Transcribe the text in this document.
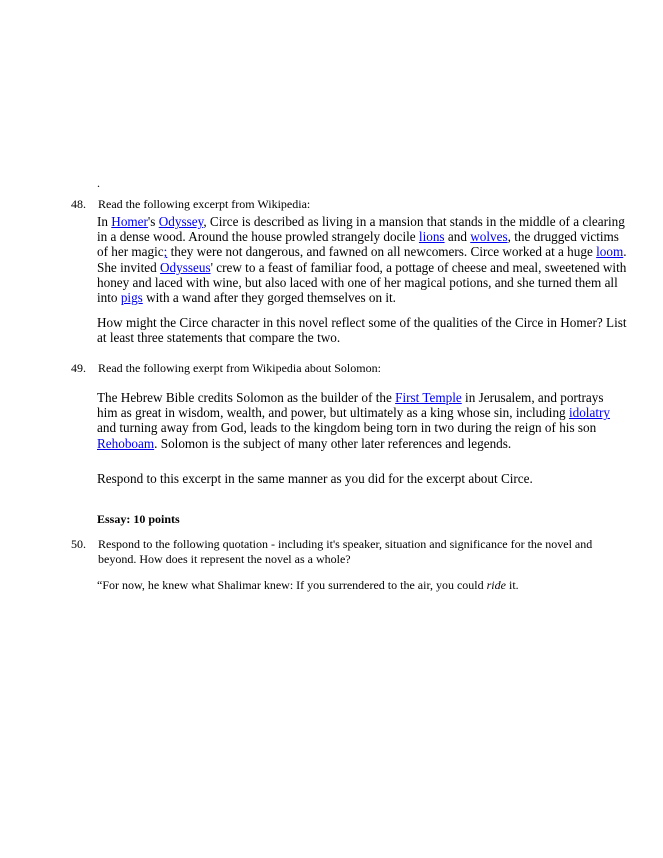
.
48.	Read the following excerpt from Wikipedia:
In Homer's Odyssey, Circe is described as living in a mansion that stands in the middle of a clearing in a dense wood. Around the house prowled strangely docile lions and wolves, the drugged victims of her magic; they were not dangerous, and fawned on all newcomers. Circe worked at a huge loom. She invited Odysseus' crew to a feast of familiar food, a pottage of cheese and meal, sweetened with honey and laced with wine, but also laced with one of her magical potions, and she turned them all into pigs with a wand after they gorged themselves on it.
How might the Circe character in this novel reflect some of the qualities of the Circe in Homer? List at least three statements that compare the two.
49.	Read the following exerpt from Wikipedia about Solomon:
The Hebrew Bible credits Solomon as the builder of the First Temple in Jerusalem, and portrays him as great in wisdom, wealth, and power, but ultimately as a king whose sin, including idolatry and turning away from God, leads to the kingdom being torn in two during the reign of his son Rehoboam. Solomon is the subject of many other later references and legends.
Respond to this excerpt in the same manner as you did for the excerpt about Circe.
Essay: 10 points
50.	Respond to the following quotation - including it's speaker, situation and significance for the novel and beyond. How does it represent the novel as a whole?
“For now, he knew what Shalimar knew: If you surrendered to the air, you could ride it.
